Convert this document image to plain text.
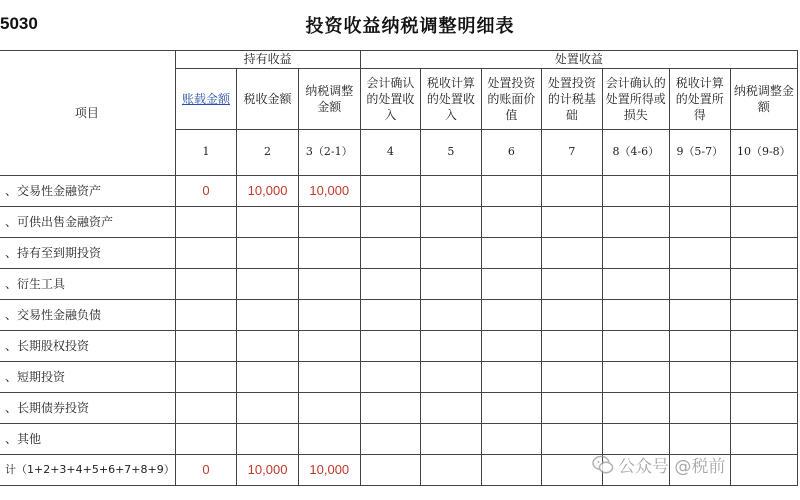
5030	投资收益纳税调整明细表
项目	持有收益			处置收益						
	账载金额	税收金额	纳税调整金额	会计确认的处置收入	税收计算的处置收入	处置投资的账面价值	处置投资的计税基础	会计确认的处置所得或损失	税收计算的处置所得	纳税调整金额
	1	2	3（2-1）	4	5	6	7	8（4-6）	9（5-7）	10（9-8）
、交易性金融资产	0	10,000	10,000							
、可供出售金融资产										
、持有至到期投资										
、衍生工具										
、交易性金融负债										
、长期股权投资										
、短期投资										
、长期债券投资										
、其他										
计（1+2+3+4+5+6+7+8+9）	0	10,000	10,000								公众号 @税前
